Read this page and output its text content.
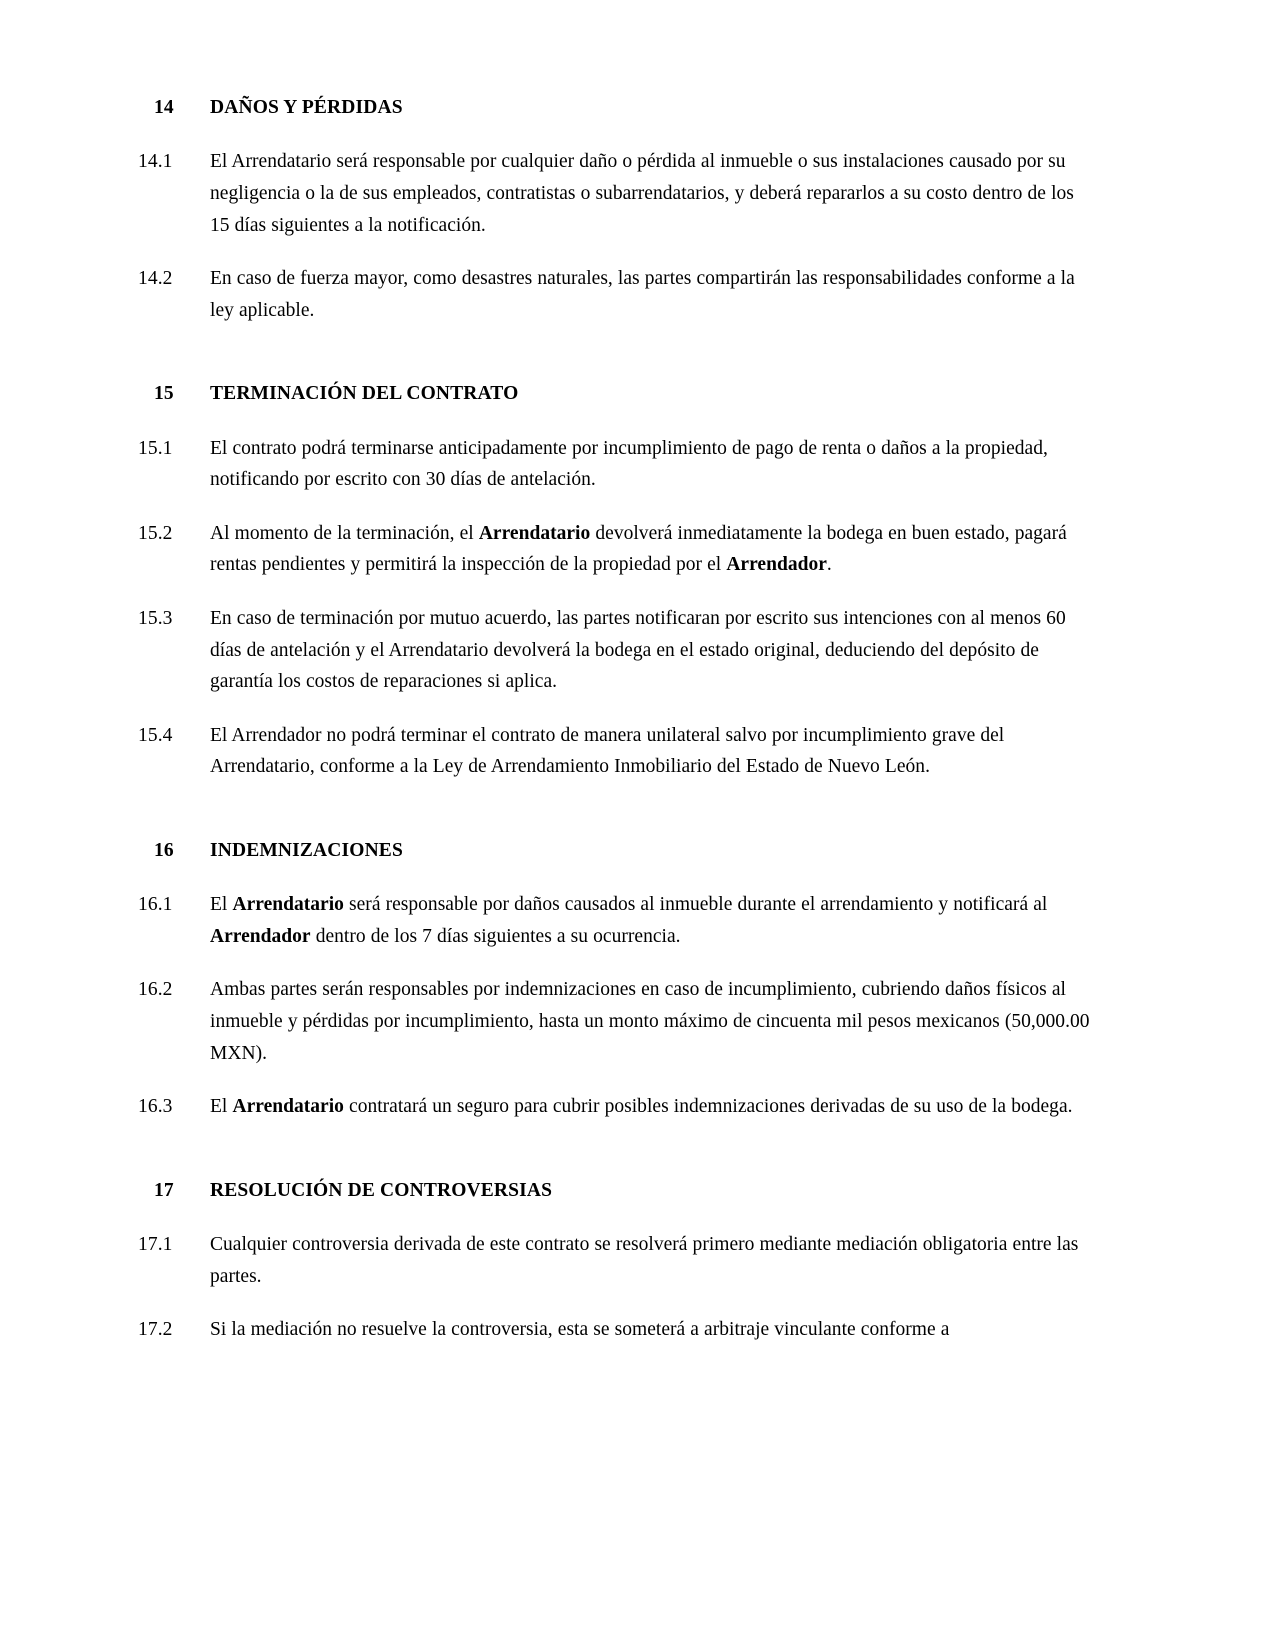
14	DAÑOS Y PÉRDIDAS
14.1	El Arrendatario será responsable por cualquier daño o pérdida al inmueble o sus instalaciones causado por su negligencia o la de sus empleados, contratistas o subarrendatarios, y deberá repararlos a su costo dentro de los 15 días siguientes a la notificación.
14.2	En caso de fuerza mayor, como desastres naturales, las partes compartirán las responsabilidades conforme a la ley aplicable.
15	TERMINACIÓN DEL CONTRATO
15.1	El contrato podrá terminarse anticipadamente por incumplimiento de pago de renta o daños a la propiedad, notificando por escrito con 30 días de antelación.
15.2	Al momento de la terminación, el Arrendatario devolverá inmediatamente la bodega en buen estado, pagará rentas pendientes y permitirá la inspección de la propiedad por el Arrendador.
15.3	En caso de terminación por mutuo acuerdo, las partes notificaran por escrito sus intenciones con al menos 60 días de antelación y el Arrendatario devolverá la bodega en el estado original, deduciendo del depósito de garantía los costos de reparaciones si aplica.
15.4	El Arrendador no podrá terminar el contrato de manera unilateral salvo por incumplimiento grave del Arrendatario, conforme a la Ley de Arrendamiento Inmobiliario del Estado de Nuevo León.
16	INDEMNIZACIONES
16.1	El Arrendatario será responsable por daños causados al inmueble durante el arrendamiento y notificará al Arrendador dentro de los 7 días siguientes a su ocurrencia.
16.2	Ambas partes serán responsables por indemnizaciones en caso de incumplimiento, cubriendo daños físicos al inmueble y pérdidas por incumplimiento, hasta un monto máximo de cincuenta mil pesos mexicanos (50,000.00 MXN).
16.3	El Arrendatario contratará un seguro para cubrir posibles indemnizaciones derivadas de su uso de la bodega.
17	RESOLUCIÓN DE CONTROVERSIAS
17.1	Cualquier controversia derivada de este contrato se resolverá primero mediante mediación obligatoria entre las partes.
17.2	Si la mediación no resuelve la controversia, esta se someterá a arbitraje vinculante conforme a
